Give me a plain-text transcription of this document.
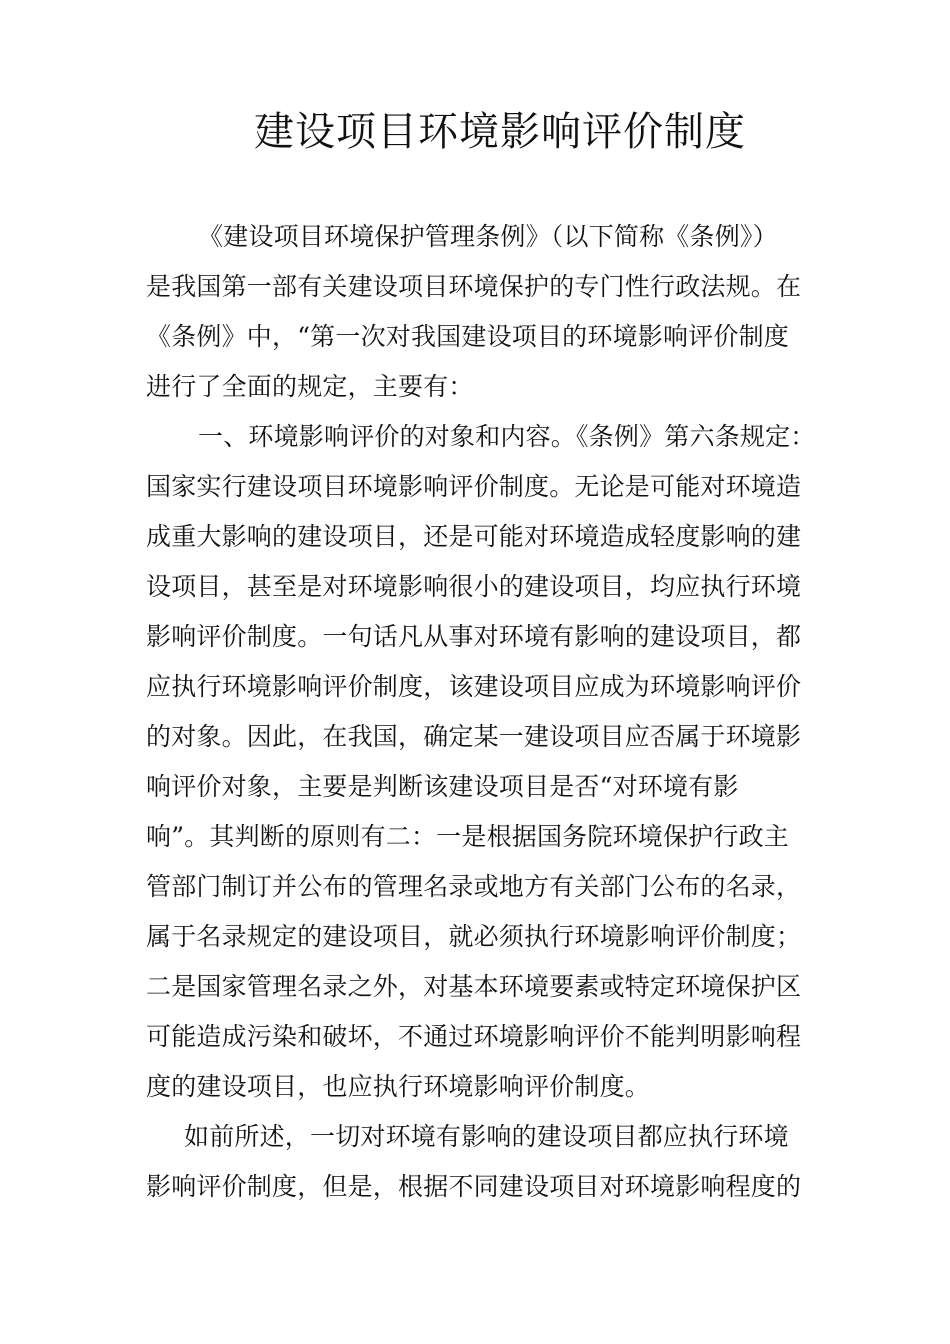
建设项目环境影响评价制度
《建设项目环境保护管理条例》（以下简称《条例》）
是我国第一部有关建设项目环境保护的专门性行政法规。在
《条例》中，“第一次对我国建设项目的环境影响评价制度
进行了全面的规定，主要有：
一、环境影响评价的对象和内容。《条例》第六条规定：
国家实行建设项目环境影响评价制度。无论是可能对环境造
成重大影响的建设项目，还是可能对环境造成轻度影响的建
设项目，甚至是对环境影响很小的建设项目，均应执行环境
影响评价制度。一句话凡从事对环境有影响的建设项目，都
应执行环境影响评价制度，该建设项目应成为环境影响评价
的对象。因此，在我国，确定某一建设项目应否属于环境影
响评价对象，主要是判断该建设项目是否“对环境有影
响”。其判断的原则有二：一是根据国务院环境保护行政主
管部门制订并公布的管理名录或地方有关部门公布的名录，
属于名录规定的建设项目，就必须执行环境影响评价制度；
二是国家管理名录之外，对基本环境要素或特定环境保护区
可能造成污染和破坏，不通过环境影响评价不能判明影响程
度的建设项目，也应执行环境影响评价制度。
如前所述，一切对环境有影响的建设项目都应执行环境
影响评价制度，但是，根据不同建设项目对环境影响程度的
